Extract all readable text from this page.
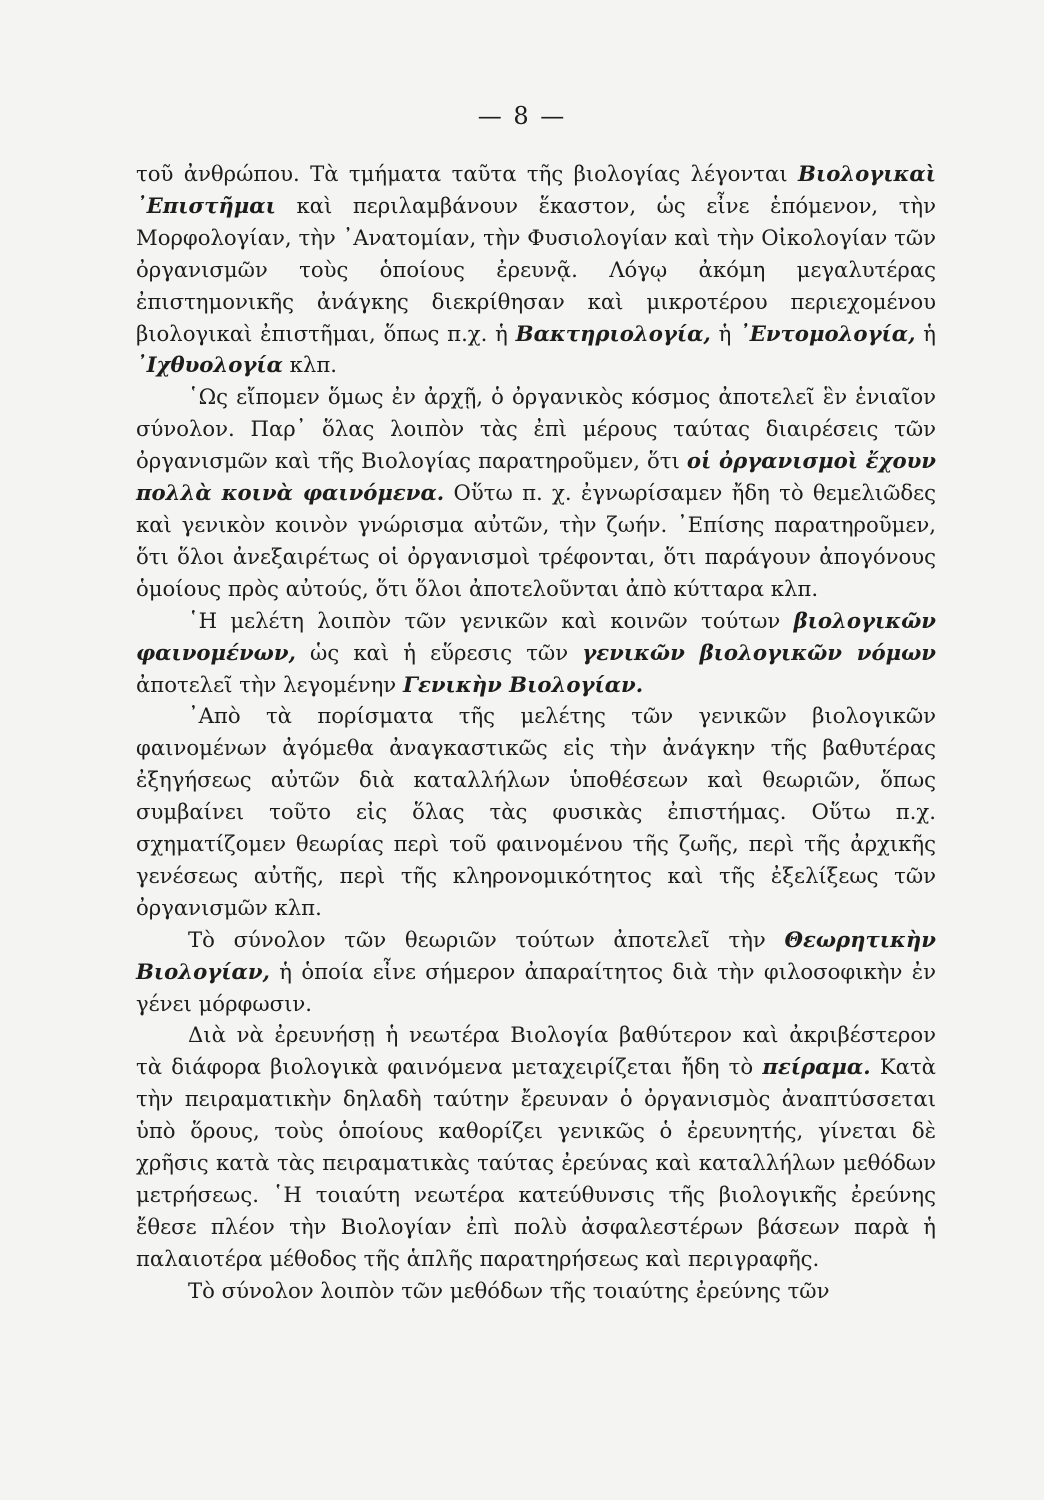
— 8 —

τοῦ ἀνθρώπου. Τὰ τμήματα ταῦτα τῆς βιολογίας λέγονται Βιολογικαὶ ᾿Επιστῆμαι καὶ περιλαμβάνουν ἕκαστον, ὡς εἶνε ἑπόμενον, τὴν Μορφολογίαν, τὴν ᾿Ανατομίαν, τὴν Φυσιολογίαν καὶ τὴν Οἰκολογίαν τῶν ὀργανισμῶν τοὺς ὁποίους ἐρευνᾷ. Λόγῳ ἀκόμη μεγαλυτέρας ἐπιστημονικῆς ἀνάγκης διεκρίθησαν καὶ μικροτέρου περιεχομένου βιολογικαὶ ἐπιστῆμαι, ὅπως π.χ. ἡ Βακτηριολογία, ἡ ᾿Εντομολογία, ἡ ᾿Ιχθυολογία κλπ.

῾Ως εἴπομεν ὅμως ἐν ἀρχῇ, ὁ ὀργανικὸς κόσμος ἀποτελεῖ ἓν ἑνιαῖον σύνολον. Παρ᾿ ὅλας λοιπὸν τὰς ἐπὶ μέρους ταύτας διαιρέσεις τῶν ὀργανισμῶν καὶ τῆς Βιολογίας παρατηροῦμεν, ὅτι οἱ ὀργανισμοὶ ἔχουν πολλὰ κοινὰ φαινόμενα. Οὕτω π. χ. ἐγνωρίσαμεν ἤδη τὸ θεμελιῶδες καὶ γενικὸν κοινὸν γνώρισμα αὐτῶν, τὴν ζωήν. ᾿Επίσης παρατηροῦμεν, ὅτι ὅλοι ἀνεξαιρέτως οἱ ὀργανισμοὶ τρέφονται, ὅτι παράγουν ἀπογόνους ὁμοίους πρὸς αὐτούς, ὅτι ὅλοι ἀποτελοῦνται ἀπὸ κύτταρα κλπ.

῾Η μελέτη λοιπὸν τῶν γενικῶν καὶ κοινῶν τούτων βιολογικῶν φαινομένων, ὡς καὶ ἡ εὕρεσις τῶν γενικῶν βιολογικῶν νόμων ἀποτελεῖ τὴν λεγομένην Γενικὴν Βιολογίαν.

᾿Απὸ τὰ πορίσματα τῆς μελέτης τῶν γενικῶν βιολογικῶν φαινομένων ἀγόμεθα ἀναγκαστικῶς εἰς τὴν ἀνάγκην τῆς βαθυτέρας ἐξηγήσεως αὐτῶν διὰ καταλλήλων ὑποθέσεων καὶ θεωριῶν, ὅπως συμβαίνει τοῦτο εἰς ὅλας τὰς φυσικὰς ἐπιστήμας. Οὕτω π.χ. σχηματίζομεν θεωρίας περὶ τοῦ φαινομένου τῆς ζωῆς, περὶ τῆς ἀρχικῆς γενέσεως αὐτῆς, περὶ τῆς κληρονομικότητος καὶ τῆς ἐξελίξεως τῶν ὀργανισμῶν κλπ.

Τὸ σύνολον τῶν θεωριῶν τούτων ἀποτελεῖ τὴν Θεωρητικὴν Βιολογίαν, ἡ ὁποία εἶνε σήμερον ἀπαραίτητος διὰ τὴν φιλοσοφικὴν ἐν γένει μόρφωσιν.

Διὰ νὰ ἐρευνήσῃ ἡ νεωτέρα Βιολογία βαθύτερον καὶ ἀκριβέστερον τὰ διάφορα βιολογικὰ φαινόμενα μεταχειρίζεται ἤδη τὸ πείραμα. Κατὰ τὴν πειραματικὴν δηλαδὴ ταύτην ἔρευναν ὁ ὀργανισμὸς ἀναπτύσσεται ὑπὸ ὅρους, τοὺς ὁποίους καθορίζει γενικῶς ὁ ἐρευνητής, γίνεται δὲ χρῆσις κατὰ τὰς πειραματικὰς ταύτας ἐρεύνας καὶ καταλλήλων μεθόδων μετρήσεως. ῾Η τοιαύτη νεωτέρα κατεύθυνσις τῆς βιολογικῆς ἐρεύνης ἔθεσε πλέον τὴν Βιολογίαν ἐπὶ πολὺ ἀσφαλεστέρων βάσεων παρὰ ἡ παλαιοτέρα μέθοδος τῆς ἁπλῆς παρατηρήσεως καὶ περιγραφῆς.

Τὸ σύνολον λοιπὸν τῶν μεθόδων τῆς τοιαύτης ἐρεύνης τῶν
